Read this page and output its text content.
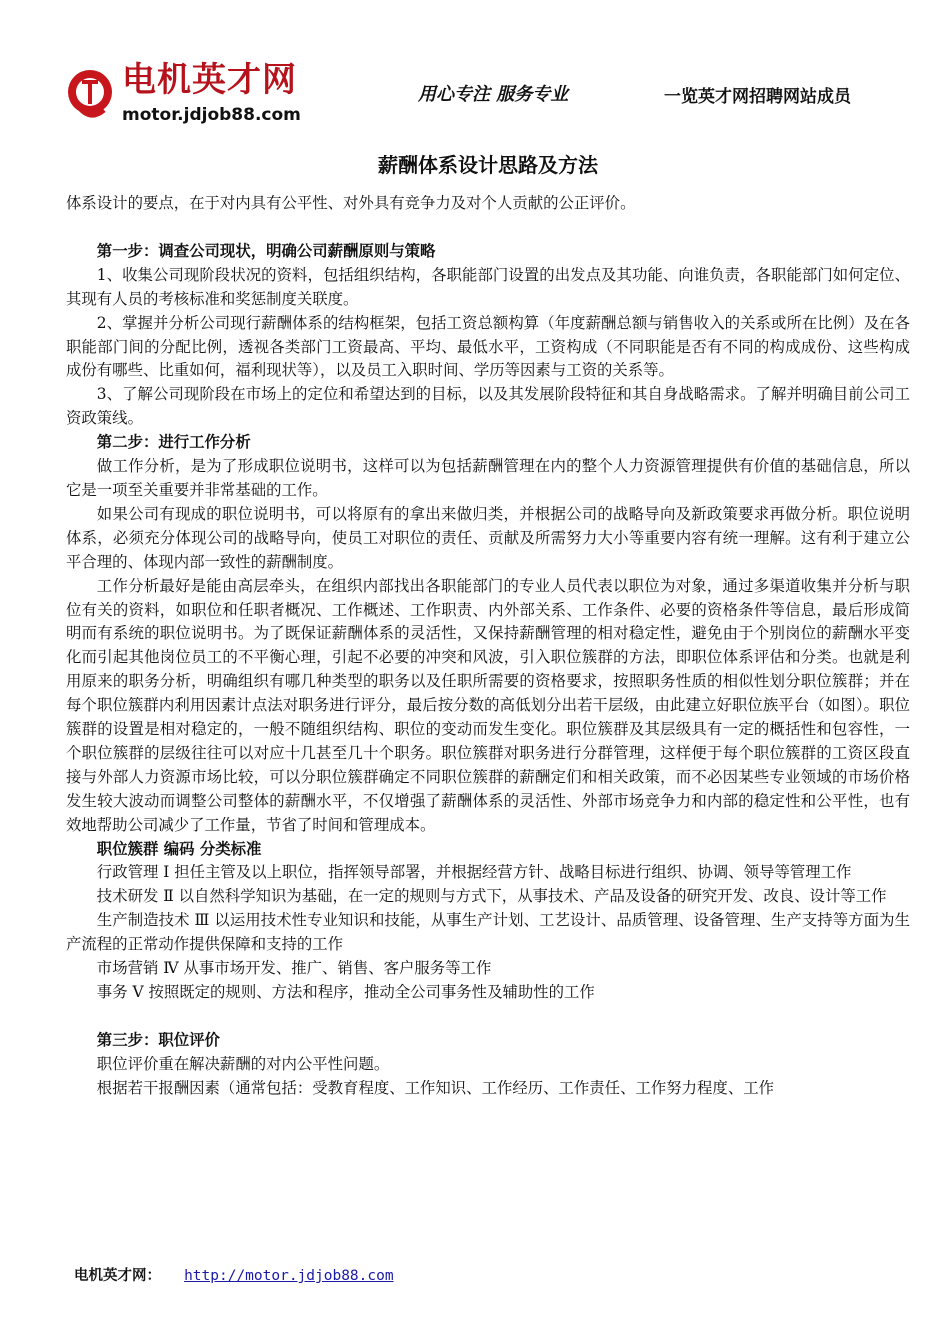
电机英才网
motor.jdjob88.com
用心专注 服务专业	一览英才网招聘网站成员
薪酬体系设计思路及方法

体系设计的要点，在于对内具有公平性、对外具有竞争力及对个人贡献的公正评价。

第一步：调查公司现状，明确公司薪酬原则与策略

1、收集公司现阶段状况的资料，包括组织结构，各职能部门设置的出发点及其功能、向谁负责，各职能部门如何定位、其现有人员的考核标准和奖惩制度关联度。

2、掌握并分析公司现行薪酬体系的结构框架，包括工资总额构算（年度薪酬总额与销售收入的关系或所在比例）及在各职能部门间的分配比例，透视各类部门工资最高、平均、最低水平，工资构成（不同职能是否有不同的构成成份、这些构成成份有哪些、比重如何，福利现状等），以及员工入职时间、学历等因素与工资的关系等。

3、了解公司现阶段在市场上的定位和希望达到的目标，以及其发展阶段特征和其自身战略需求。了解并明确目前公司工资政策线。

第二步：进行工作分析

做工作分析，是为了形成职位说明书，这样可以为包括薪酬管理在内的整个人力资源管理提供有价值的基础信息，所以它是一项至关重要并非常基础的工作。

如果公司有现成的职位说明书，可以将原有的拿出来做归类，并根据公司的战略导向及新政策要求再做分析。职位说明体系，必须充分体现公司的战略导向，使员工对职位的责任、贡献及所需努力大小等重要内容有统一理解。这有利于建立公平合理的、体现内部一致性的薪酬制度。

工作分析最好是能由高层牵头，在组织内部找出各职能部门的专业人员代表以职位为对象，通过多渠道收集并分析与职位有关的资料，如职位和任职者概况、工作概述、工作职责、内外部关系、工作条件、必要的资格条件等信息，最后形成简明而有系统的职位说明书。为了既保证薪酬体系的灵活性，又保持薪酬管理的相对稳定性，避免由于个别岗位的薪酬水平变化而引起其他岗位员工的不平衡心理，引起不必要的冲突和风波，引入职位簇群的方法，即职位体系评估和分类。也就是利用原来的职务分析，明确组织有哪几种类型的职务以及任职所需要的资格要求，按照职务性质的相似性划分职位簇群；并在每个职位簇群内利用因素计点法对职务进行评分，最后按分数的高低划分出若干层级，由此建立好职位族平台（如图）。职位簇群的设置是相对稳定的，一般不随组织结构、职位的变动而发生变化。职位簇群及其层级具有一定的概括性和包容性，一个职位簇群的层级往往可以对应十几甚至几十个职务。职位簇群对职务进行分群管理，这样便于每个职位簇群的工资区段直接与外部人力资源市场比较，可以分职位簇群确定不同职位簇群的薪酬定们和相关政策，而不必因某些专业领域的市场价格发生较大波动而调整公司整体的薪酬水平，不仅增强了薪酬体系的灵活性、外部市场竞争力和内部的稳定性和公平性，也有效地帮助公司减少了工作量，节省了时间和管理成本。

职位簇群 编码 分类标准

行政管理 Ⅰ 担任主管及以上职位，指挥领导部署，并根据经营方针、战略目标进行组织、协调、领导等管理工作

技术研发 Ⅱ 以自然科学知识为基础，在一定的规则与方式下，从事技术、产品及设备的研究开发、改良、设计等工作

生产制造技术 Ⅲ 以运用技术性专业知识和技能，从事生产计划、工艺设计、品质管理、设备管理、生产支持等方面为生产流程的正常动作提供保障和支持的工作

市场营销 Ⅳ 从事市场开发、推广、销售、客户服务等工作

事务 Ⅴ 按照既定的规则、方法和程序，推动全公司事务性及辅助性的工作

第三步：职位评价

职位评价重在解决薪酬的对内公平性问题。

根据若干报酬因素（通常包括：受教育程度、工作知识、工作经历、工作责任、工作努力程度、工作

电机英才网： http://motor.jdjob88.com
